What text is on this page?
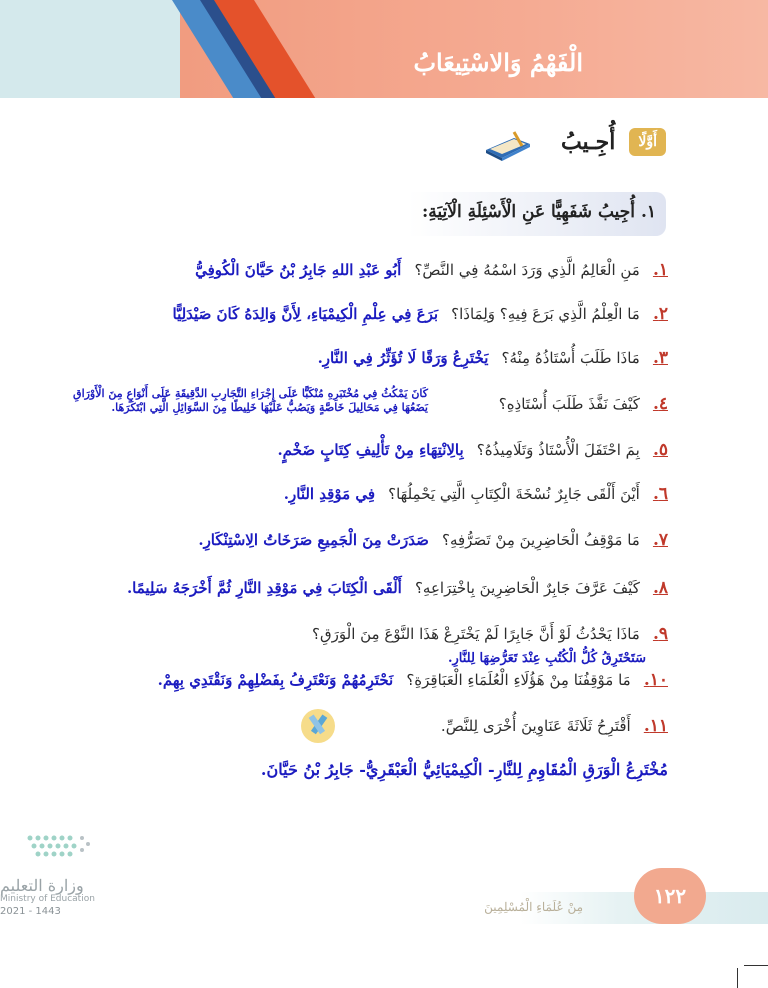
الْفَهْمُ وَالاسْتِيعَابُ
أَوَّلًا
أُجِـيبُ
١. أُجِيبُ شَفَهِيًّا عَنِ الْأَسْئِلَةِ الْآتِيَةِ:
١. مَنِ الْعَالِمُ الَّذِي وَرَدَ اسْمُهُ فِي النَّصِّ؟ أَبُو عَبْدِ اللهِ جَابِرُ بْنُ حَيَّانَ الْكُوفِيُّ
٢. مَا الْعِلْمُ الَّذِي بَرَعَ فِيهِ؟ وَلِمَاذَا؟ بَرَعَ فِي عِلْمِ الْكِيمْيَاءِ، لِأَنَّ وَالِدَهُ كَانَ صَيْدَلِيًّا
٣. مَاذَا طَلَبَ أُسْتَاذُهُ مِنْهُ؟ يَخْتَرِعُ وَرَقًا لَا تُؤَثِّرُ فِي النَّارِ.
٤. كَيْفَ نَفَّذَ طَلَبَ أُسْتَاذِهِ؟
كَانَ يَمْكُثُ فِي مُخْتَبَرِهِ مُنْكَبًّا عَلَى إِجْرَاءِ التَّجَارِبِ الدَّقِيقَةِ عَلَى أَنْوَاعٍ مِنَ الْأَوْرَاقِ
يَضَعُهَا فِي مَحَالِيلَ خَاصَّةٍ وَيَصُبُّ عَلَيْهَا خَلِيطًا مِنَ السَّوَائِلِ الَّتِي ابْتَكَرَهَا.
٥. بِمَ احْتَفَلَ الْأُسْتَاذُ وَتَلَامِيذُهُ؟ بِالِانْتِهَاءِ مِنْ تَأْلِيفِ كِتَابٍ ضَخْمٍ.
٦. أَيْنَ أَلْقَى جَابِرٌ نُسْخَةَ الْكِتَابِ الَّتِي يَحْمِلُهَا؟ فِي مَوْقِدِ النَّارِ.
٧. مَا مَوْقِفُ الْحَاضِرِينَ مِنْ تَصَرُّفِهِ؟ صَدَرَتْ مِنَ الْجَمِيعِ صَرَخَاتُ الِاسْتِنْكَارِ.
٨. كَيْفَ عَرَّفَ جَابِرٌ الْحَاضِرِينَ بِاخْتِرَاعِهِ؟ أَلْقَى الْكِتَابَ فِي مَوْقِدِ النَّارِ ثُمَّ أَخْرَجَهُ سَلِيمًا.
٩. مَاذَا يَحْدُثُ لَوْ أَنَّ جَابِرًا لَمْ يَخْتَرِعْ هَذَا النَّوْعَ مِنَ الْوَرَقِ؟
سَتَحْتَرِقُ كُلُّ الْكُتُبِ عِنْدَ تَعَرُّضِهَا لِلنَّارِ.
١٠. مَا مَوْقِفُنَا مِنْ هَؤُلَاءِ الْعُلَمَاءِ الْعَبَاقِرَةِ؟ نَحْتَرِمُهُمْ وَنَعْتَرِفُ بِفَضْلِهِمْ وَنَقْتَدِي بِهِمْ.
١١. أَقْتَرِحُ ثَلَاثَةَ عَنَاوِينَ أُخْرَى لِلنَّصِّ.
مُخْتَرِعُ الْوَرَقِ الْمُقَاوِمِ لِلنَّارِ- الْكِيمْيَائِيُّ الْعَبْقَرِيُّ- جَابِرُ بْنُ حَيَّانَ.
وزارة التعليم
Ministry of Education
2021 - 1443
١٢٢
مِنْ عُلَمَاءِ الْمُسْلِمِينَ
